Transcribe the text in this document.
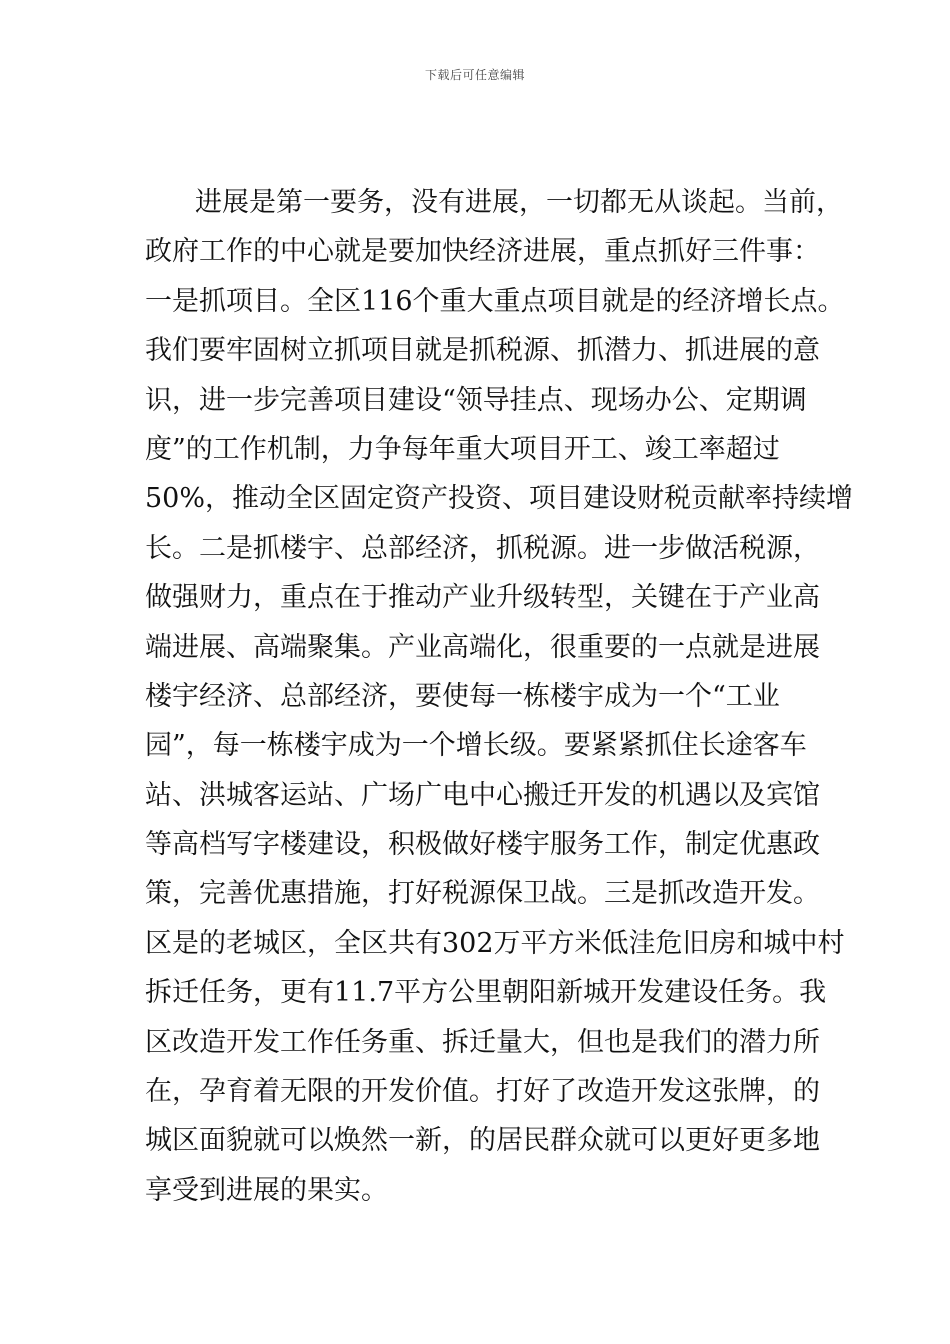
下载后可任意编辑
进展是第一要务，没有进展，一切都无从谈起。当前，
政府工作的中心就是要加快经济进展，重点抓好三件事：
一是抓项目。全区116个重大重点项目就是的经济增长点。
我们要牢固树立抓项目就是抓税源、抓潜力、抓进展的意
识，进一步完善项目建设“领导挂点、现场办公、定期调
度”的工作机制，力争每年重大项目开工、竣工率超过
50%，推动全区固定资产投资、项目建设财税贡献率持续增
长。二是抓楼宇、总部经济，抓税源。进一步做活税源，
做强财力，重点在于推动产业升级转型，关键在于产业高
端进展、高端聚集。产业高端化，很重要的一点就是进展
楼宇经济、总部经济，要使每一栋楼宇成为一个“工业
园”，每一栋楼宇成为一个增长级。要紧紧抓住长途客车
站、洪城客运站、广场广电中心搬迁开发的机遇以及宾馆
等高档写字楼建设，积极做好楼宇服务工作，制定优惠政
策，完善优惠措施，打好税源保卫战。三是抓改造开发。
区是的老城区，全区共有302万平方米低洼危旧房和城中村
拆迁任务，更有11.7平方公里朝阳新城开发建设任务。我
区改造开发工作任务重、拆迁量大，但也是我们的潜力所
在，孕育着无限的开发价值。打好了改造开发这张牌，的
城区面貌就可以焕然一新，的居民群众就可以更好更多地
享受到进展的果实。
